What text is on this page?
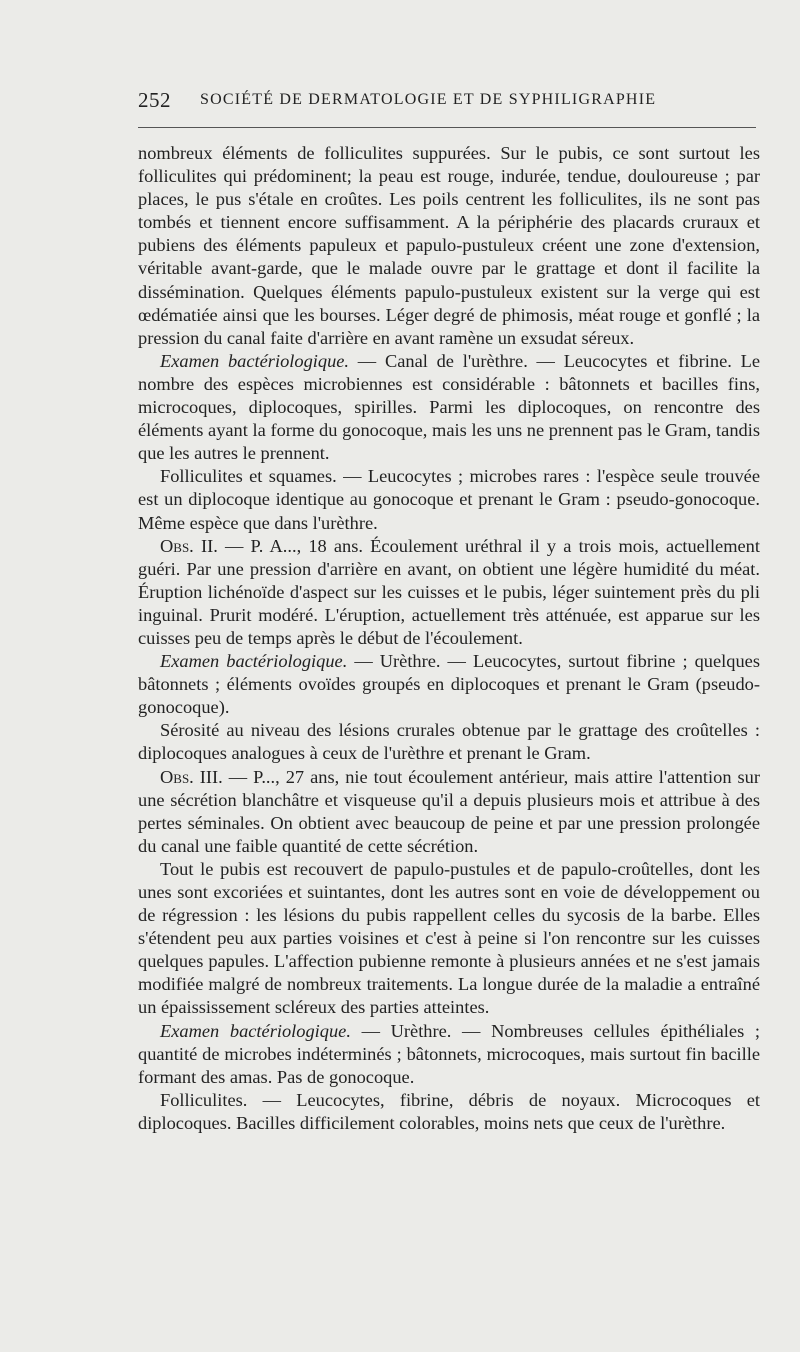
252 SOCIÉTÉ DE DERMATOLOGIE ET DE SYPHILIGRAPHIE

nombreux éléments de folliculites suppurées. Sur le pubis, ce sont surtout les folliculites qui prédominent; la peau est rouge, indurée, tendue, douloureuse ; par places, le pus s'étale en croûtes. Les poils centrent les folliculites, ils ne sont pas tombés et tiennent encore suffisamment. A la périphérie des placards cruraux et pubiens des éléments papuleux et papulo-pustuleux créent une zone d'extension, véritable avant-garde, que le malade ouvre par le grattage et dont il facilite la dissémination. Quelques éléments papulo-pustuleux existent sur la verge qui est œdématiée ainsi que les bourses. Léger degré de phimosis, méat rouge et gonflé ; la pression du canal faite d'arrière en avant ramène un exsudat séreux.

Examen bactériologique. — Canal de l'urèthre. — Leucocytes et fibrine. Le nombre des espèces microbiennes est considérable : bâtonnets et bacilles fins, microcoques, diplocoques, spirilles. Parmi les diplocoques, on rencontre des éléments ayant la forme du gonocoque, mais les uns ne prennent pas le Gram, tandis que les autres le prennent.

Folliculites et squames. — Leucocytes ; microbes rares : l'espèce seule trouvée est un diplocoque identique au gonocoque et prenant le Gram : pseudo-gonocoque. Même espèce que dans l'urèthre.

Obs. II. — P. A..., 18 ans. Écoulement uréthral il y a trois mois, actuellement guéri. Par une pression d'arrière en avant, on obtient une légère humidité du méat. Éruption lichénoïde d'aspect sur les cuisses et le pubis, léger suintement près du pli inguinal. Prurit modéré. L'éruption, actuellement très atténuée, est apparue sur les cuisses peu de temps après le début de l'écoulement.

Examen bactériologique. — Urèthre. — Leucocytes, surtout fibrine ; quelques bâtonnets ; éléments ovoïdes groupés en diplocoques et prenant le Gram (pseudo-gonocoque).

Sérosité au niveau des lésions crurales obtenue par le grattage des croûtelles : diplocoques analogues à ceux de l'urèthre et prenant le Gram.

Obs. III. — P..., 27 ans, nie tout écoulement antérieur, mais attire l'attention sur une sécrétion blanchâtre et visqueuse qu'il a depuis plusieurs mois et attribue à des pertes séminales. On obtient avec beaucoup de peine et par une pression prolongée du canal une faible quantité de cette sécrétion.

Tout le pubis est recouvert de papulo-pustules et de papulo-croûtelles, dont les unes sont excoriées et suintantes, dont les autres sont en voie de développement ou de régression : les lésions du pubis rappellent celles du sycosis de la barbe. Elles s'étendent peu aux parties voisines et c'est à peine si l'on rencontre sur les cuisses quelques papules. L'affection pubienne remonte à plusieurs années et ne s'est jamais modifiée malgré de nombreux traitements. La longue durée de la maladie a entraîné un épaississement scléreux des parties atteintes.

Examen bactériologique. — Urèthre. — Nombreuses cellules épithéliales ; quantité de microbes indéterminés ; bâtonnets, microcoques, mais surtout fin bacille formant des amas. Pas de gonocoque.

Folliculites. — Leucocytes, fibrine, débris de noyaux. Microcoques et diplocoques. Bacilles difficilement colorables, moins nets que ceux de l'urèthre.
